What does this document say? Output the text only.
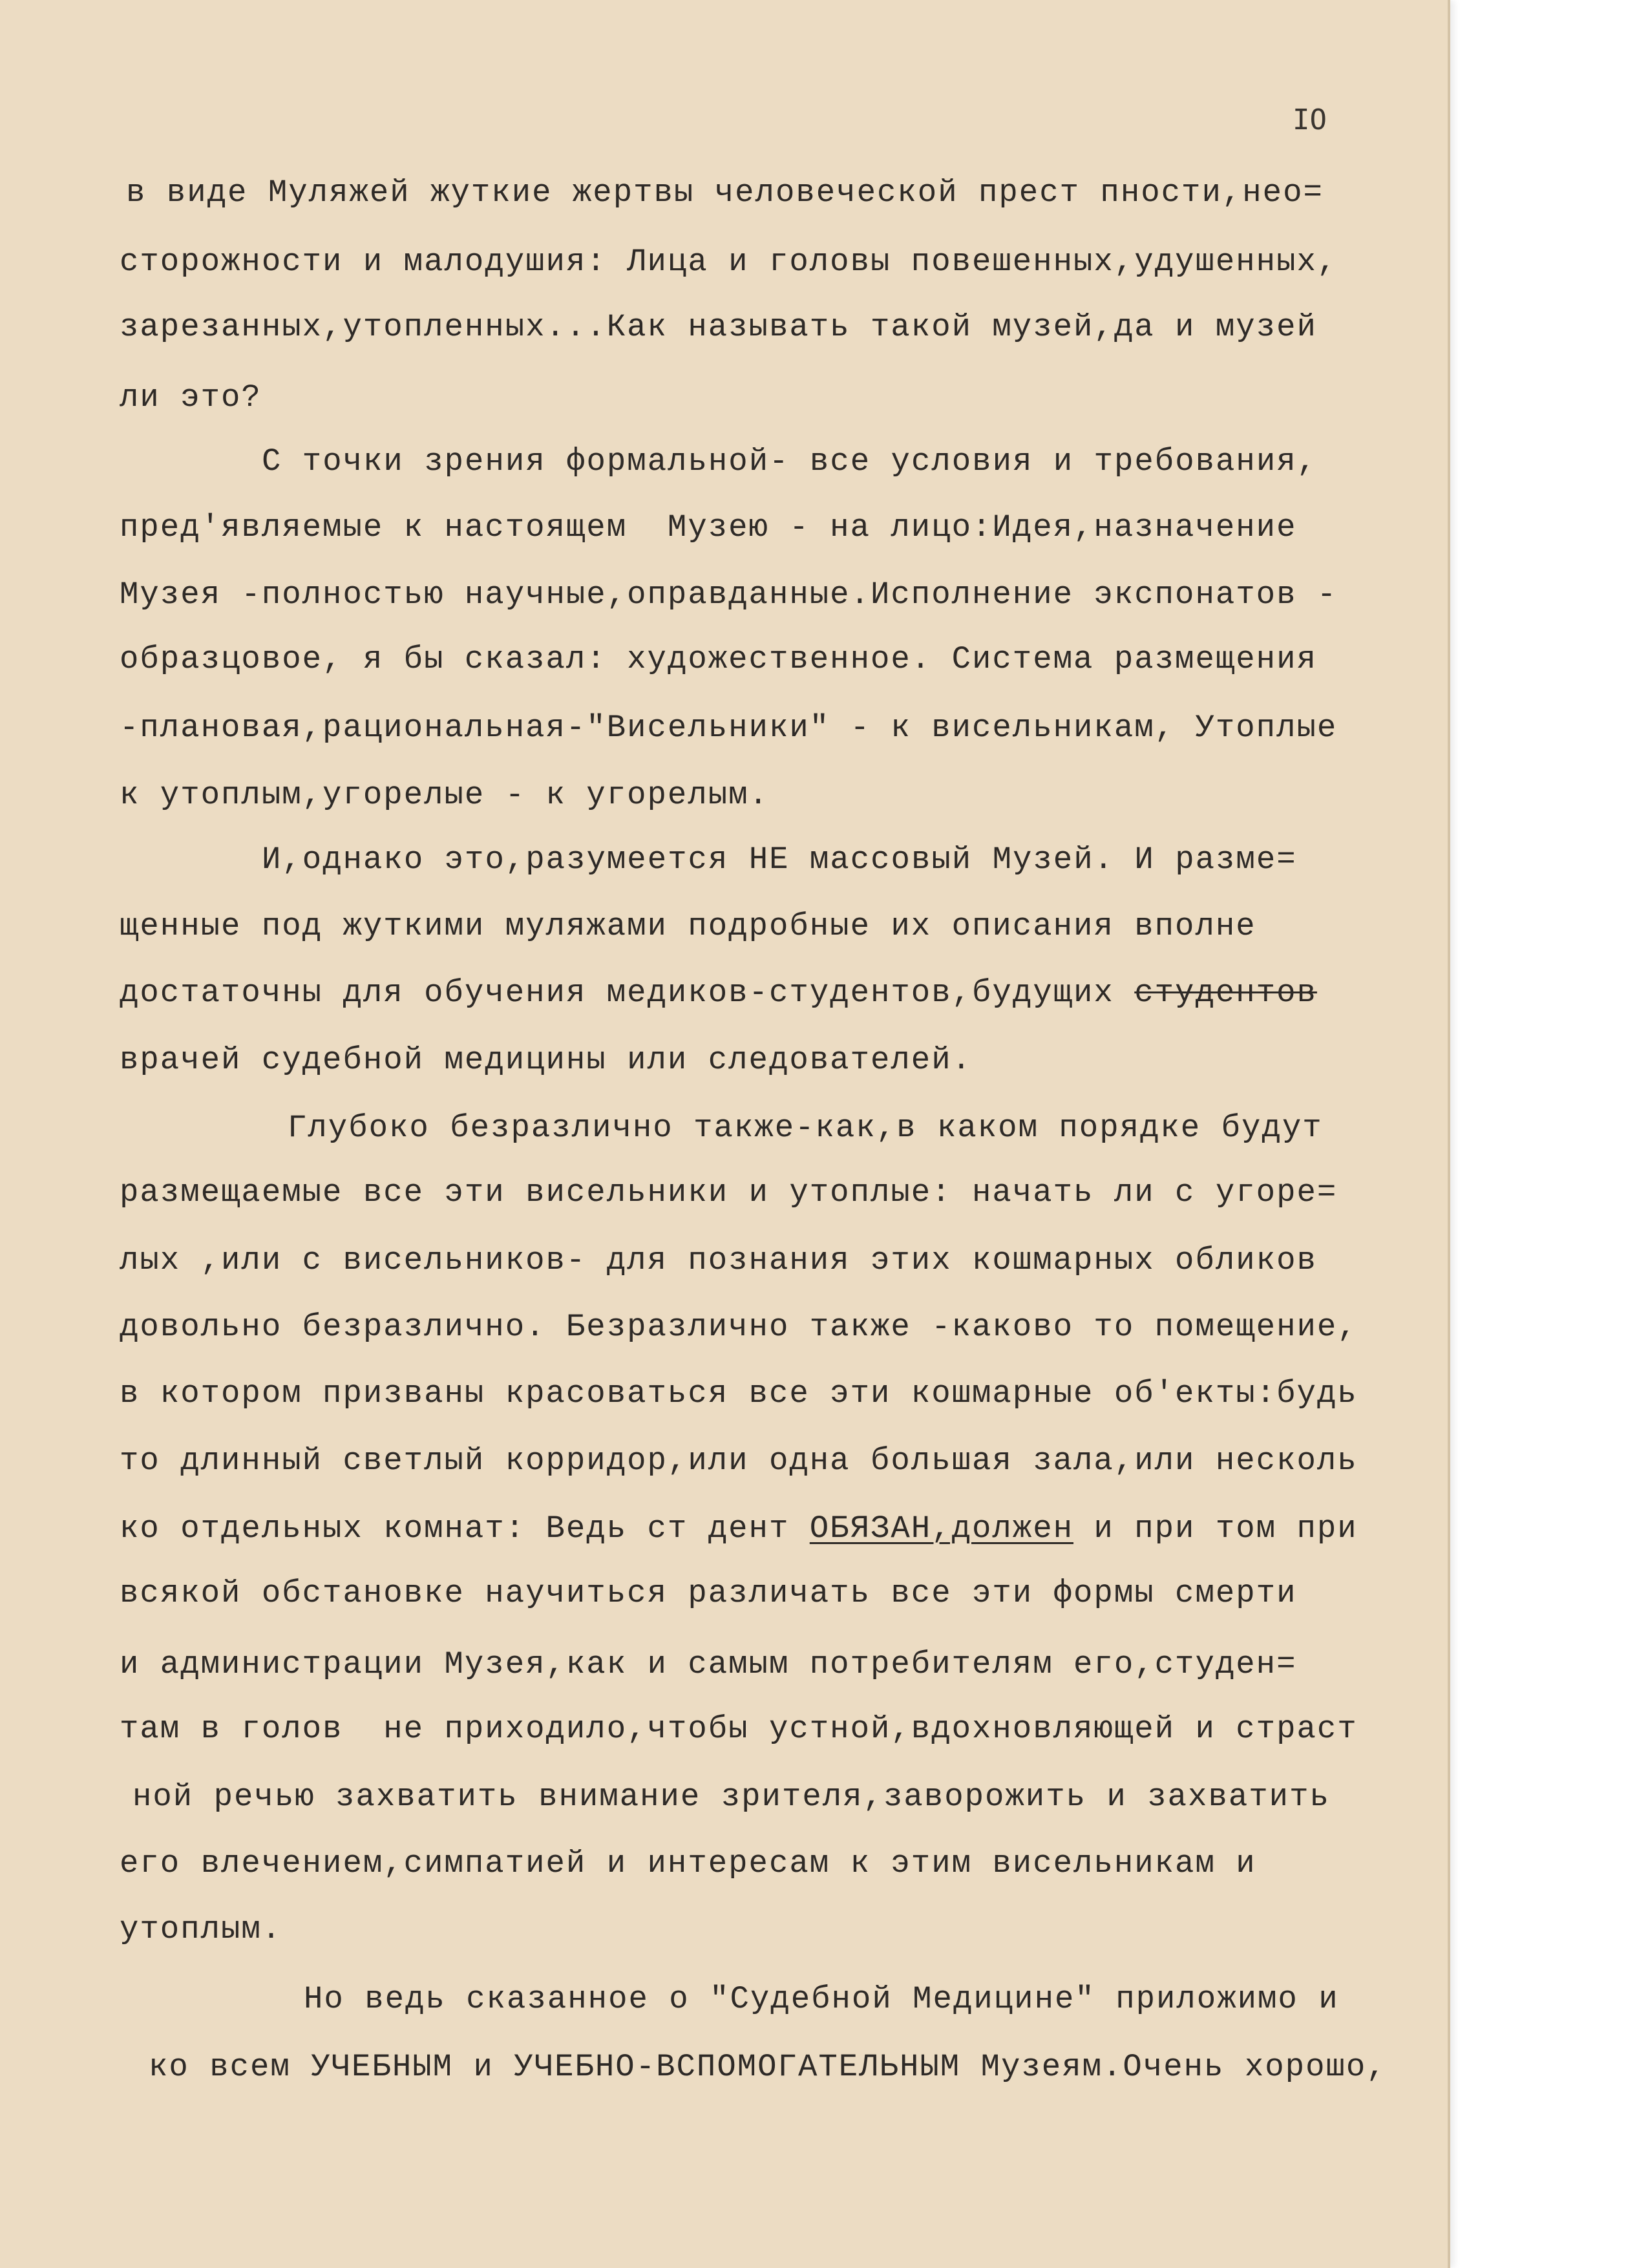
IO
в виде Муляжей жуткие жертвы человеческой прест пности,нео=
сторожности и малодушия: Лица и головы повешенных,удушенных,
зарезанных,утопленных...Как называть такой музей,да и музей
ли это?
С точки зрения формальной- все условия и требования,
пред'являемые к настоящем  Музею - на лицо:Идея,назначение
Музея -полностью научные,оправданные.Исполнение экспонатов -
образцовое, я бы сказал: художественное. Система размещения
-плановая,рациональная-"Висельники" - к висельникам, Утоплые
к утоплым,угорелые - к угорелым.
И,однако это,разумеется НЕ массовый Музей. И разме=
щенные под жуткими муляжами подробные их описания вполне
достаточны для обучения медиков-студентов,будущих студентов
врачей судебной медицины или следователей.
Глубоко безразлично также-как,в каком порядке будут
размещаемые все эти висельники и утоплые: начать ли с угоре=
лых ,или с висельников- для познания этих кошмарных обликов
довольно безразлично. Безразлично также -каково то помещение,
в котором призваны красоваться все эти кошмарные об'екты:будь
то длинный светлый корридор,или одна большая зала,или несколь
ко отдельных комнат: Ведь ст дент ОБЯЗАН,должен и при том при
всякой обстановке научиться различать все эти формы смерти
и администрации Музея,как и самым потребителям его,студен=
там в голов  не приходило,чтобы устной,вдохновляющей и страст
ной речью захватить внимание зрителя,заворожить и захватить
его влечением,симпатией и интересам к этим висельникам и
утоплым.
Но ведь сказанное о "Судебной Медицине" приложимо и
ко всем УЧЕБНЫМ и УЧЕБНО-ВСПОМОГАТЕЛЬНЫМ Музеям.Очень хорошо,
